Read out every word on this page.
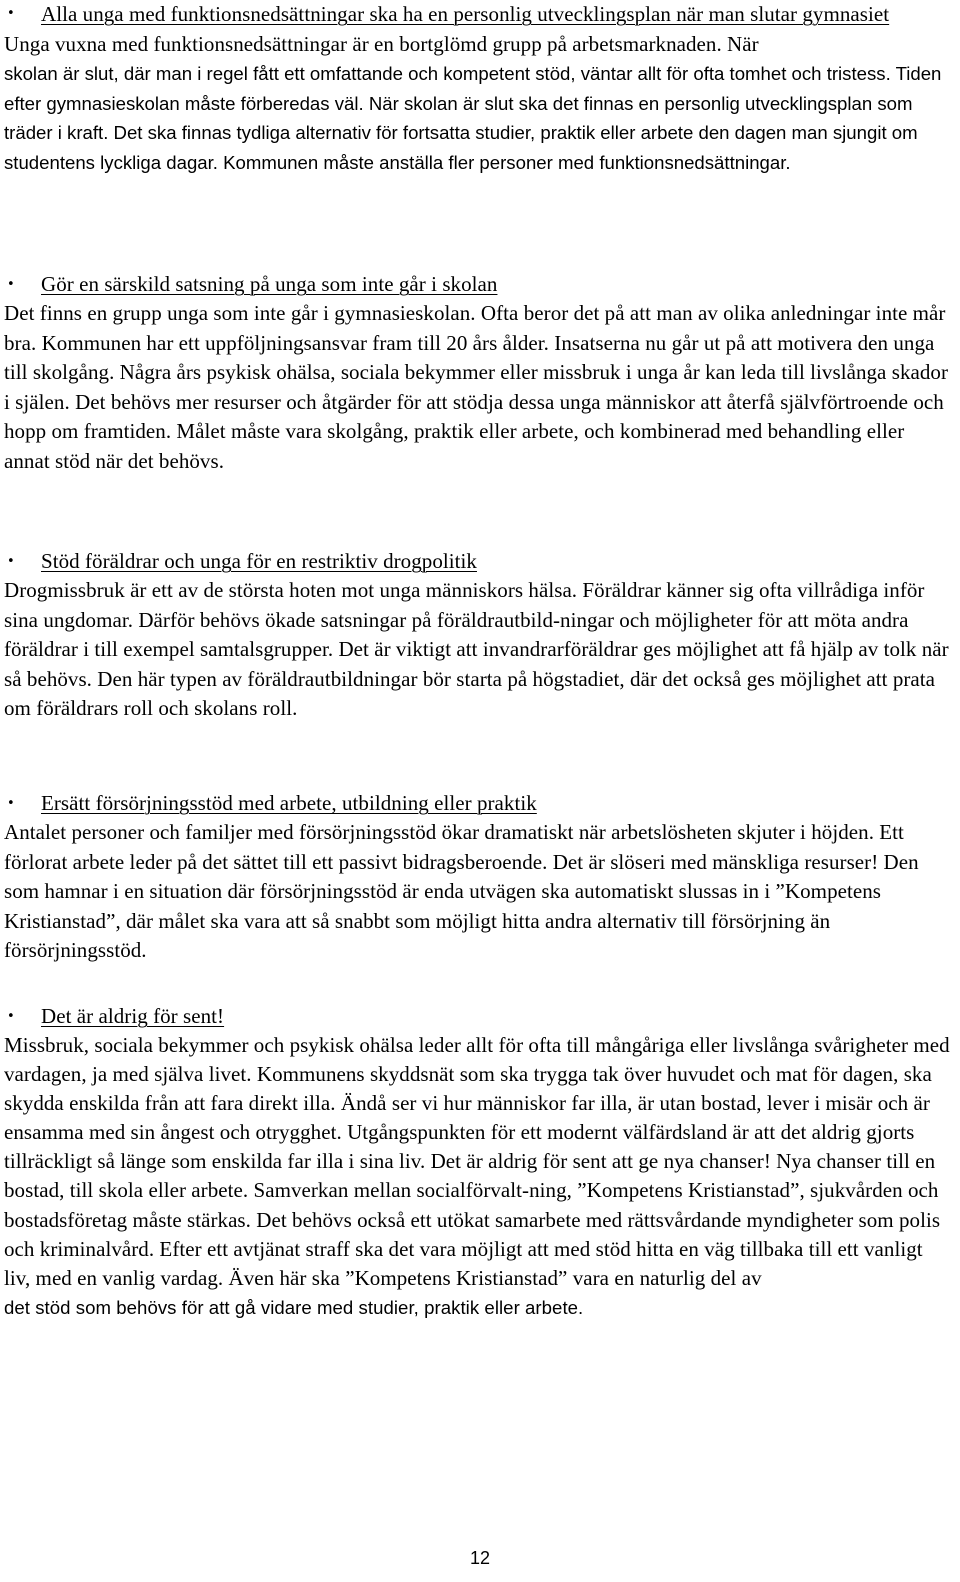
• Alla unga med funktionsnedsättningar ska ha en personlig utvecklingsplan när man slutar gymnasiet

Unga vuxna med funktionsnedsättningar är en bortglömd grupp på arbetsmarknaden. När

skolan är slut, där man i regel fått ett omfattande och kompetent stöd, väntar allt för ofta tomhet och tristess. Tiden efter gymnasieskolan måste förberedas väl. När skolan är slut ska det finnas en personlig utvecklingsplan som träder i kraft. Det ska finnas tydliga alternativ för fortsatta studier, praktik eller arbete den dagen man sjungit om studentens lyckliga dagar. Kommunen måste anställa fler personer med funktionsnedsättningar.

• Gör en särskild satsning på unga som inte går i skolan

Det finns en grupp unga som inte går i gymnasieskolan. Ofta beror det på att man av olika anledningar inte mår bra. Kommunen har ett uppföljningsansvar fram till 20 års ålder. Insatserna nu går ut på att motivera den unga till skolgång. Några års psykisk ohälsa, sociala bekymmer eller missbruk i unga år kan leda till livslånga skador i själen. Det behövs mer resurser och åtgärder för att stödja dessa unga människor att återfå självförtroende och hopp om framtiden. Målet måste vara skolgång, praktik eller arbete, och kombinerad med behandling eller annat stöd när det behövs.

• Stöd föräldrar och unga för en restriktiv drogpolitik

Drogmissbruk är ett av de största hoten mot unga människors hälsa. Föräldrar känner sig ofta villrådiga inför sina ungdomar. Därför behövs ökade satsningar på föräldrautbild-ningar och möjligheter för att möta andra föräldrar i till exempel samtalsgrupper. Det är viktigt att invandrarföräldrar ges möjlighet att få hjälp av tolk när så behövs. Den här typen av föräldrautbildningar bör starta på högstadiet, där det också ges möjlighet att prata om föräldrars roll och skolans roll.

• Ersätt försörjningsstöd med arbete, utbildning eller praktik

Antalet personer och familjer med försörjningsstöd ökar dramatiskt när arbetslösheten skjuter i höjden. Ett förlorat arbete leder på det sättet till ett passivt bidragsberoende. Det är slöseri med mänskliga resurser! Den som hamnar i en situation där försörjningsstöd är enda utvägen ska automatiskt slussas in i ”Kompetens Kristianstad”, där målet ska vara att så snabbt som möjligt hitta andra alternativ till försörjning än försörjningsstöd.

• Det är aldrig för sent!

Missbruk, sociala bekymmer och psykisk ohälsa leder allt för ofta till mångåriga eller livslånga svårigheter med vardagen, ja med själva livet. Kommunens skyddsnät som ska trygga tak över huvudet och mat för dagen, ska skydda enskilda från att fara direkt illa. Ändå ser vi hur människor far illa, är utan bostad, lever i misär och är ensamma med sin ångest och otrygghet. Utgångspunkten för ett modernt välfärdsland är att det aldrig gjorts tillräckligt så länge som enskilda far illa i sina liv. Det är aldrig för sent att ge nya chanser! Nya chanser till en bostad, till skola eller arbete. Samverkan mellan socialförvalt-ning, ”Kompetens Kristianstad”, sjukvården och bostadsföretag måste stärkas. Det behövs också ett utökat samarbete med rättsvårdande myndigheter som polis och kriminalvård. Efter ett avtjänat straff ska det vara möjligt att med stöd hitta en väg tillbaka till ett vanligt liv, med en vanlig vardag. Även här ska ”Kompetens Kristianstad” vara en naturlig del av

det stöd som behövs för att gå vidare med studier, praktik eller arbete.

12
